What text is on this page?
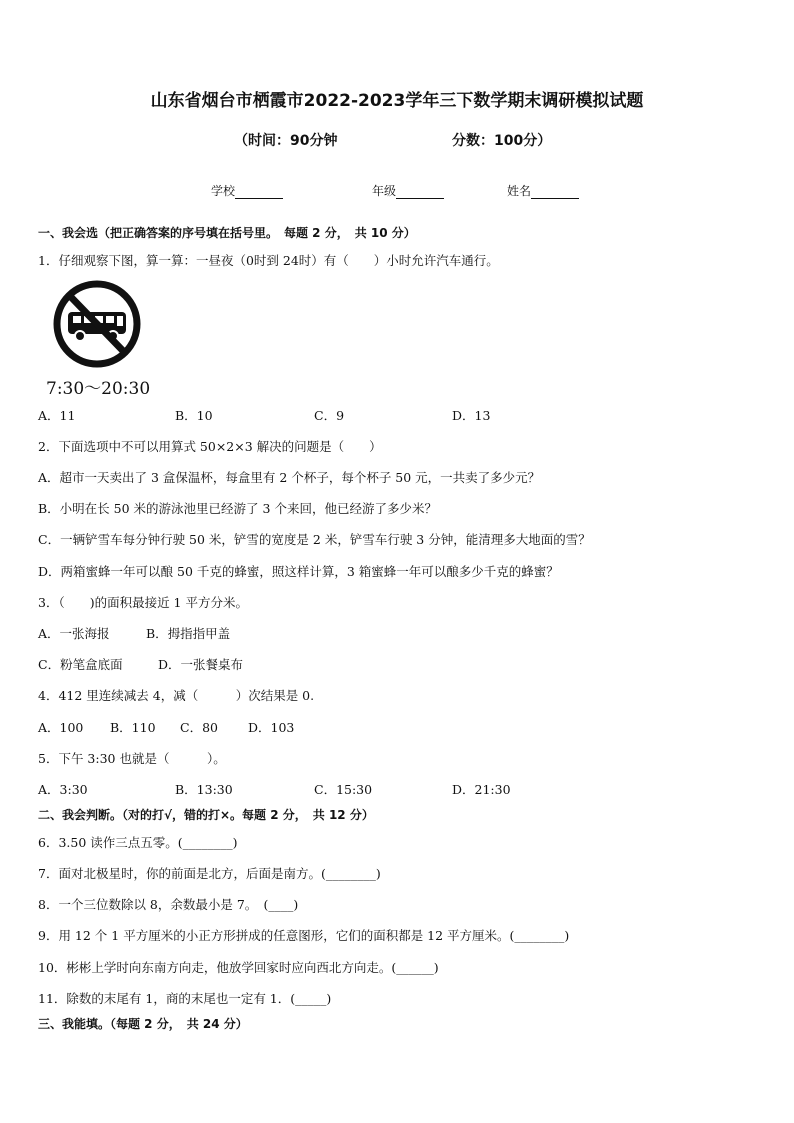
山东省烟台市栖霞市2022-2023学年三下数学期末调研模拟试题
（时间：90分钟	分数：100分）
学校	年级	姓名
一、我会选（把正确答案的序号填在括号里。　每题 2 分，　共 10 分）
1．仔细观察下图，算一算：一昼夜（0时到 24时）有（　　）小时允许汽车通行。
7:30～20:30
A．11	B．10	C．9	D．13
2．下面选项中不可以用算式 50×2×3 解决的问题是（　　）
A．超市一天卖出了 3 盒保温杯，每盒里有 2 个杯子，每个杯子 50 元，一共卖了多少元？
B．小明在长 50 米的游泳池里已经游了 3 个来回，他已经游了多少米？
C．一辆铲雪车每分钟行驶 50 米，铲雪的宽度是 2 米，铲雪车行驶 3 分钟，能清理多大地面的雪？
D．两箱蜜蜂一年可以酿 50 千克的蜂蜜，照这样计算，3 箱蜜蜂一年可以酿多少千克的蜂蜜？
3．（　　)的面积最接近 1 平方分米。
A．一张海报	B．拇指指甲盖
C．粉笔盒底面	D．一张餐桌布
4．412 里连续减去 4，减（　　　）次结果是 0.
A．100 B．110 C．80 D．103
5．下午 3:30 也就是（　　　）。
A．3:30	B．13:30	C．15:30	D．21:30
二、我会判断。（对的打√，错的打×。每题 2 分，　共 12 分）
6．3.50 读作三点五零。(________)
7．面对北极星时，你的前面是北方，后面是南方。(________)
8．一个三位数除以 8，余数最小是 7。　(____)
9．用 12 个 1 平方厘米的小正方形拼成的任意图形，它们的面积都是 12 平方厘米。(________)
10．彬彬上学时向东南方向走，他放学回家时应向西北方向走。(______)
11．除数的末尾有 1，商的末尾也一定有 1．(_____)
三、我能填。（每题 2 分，　共 24 分）
